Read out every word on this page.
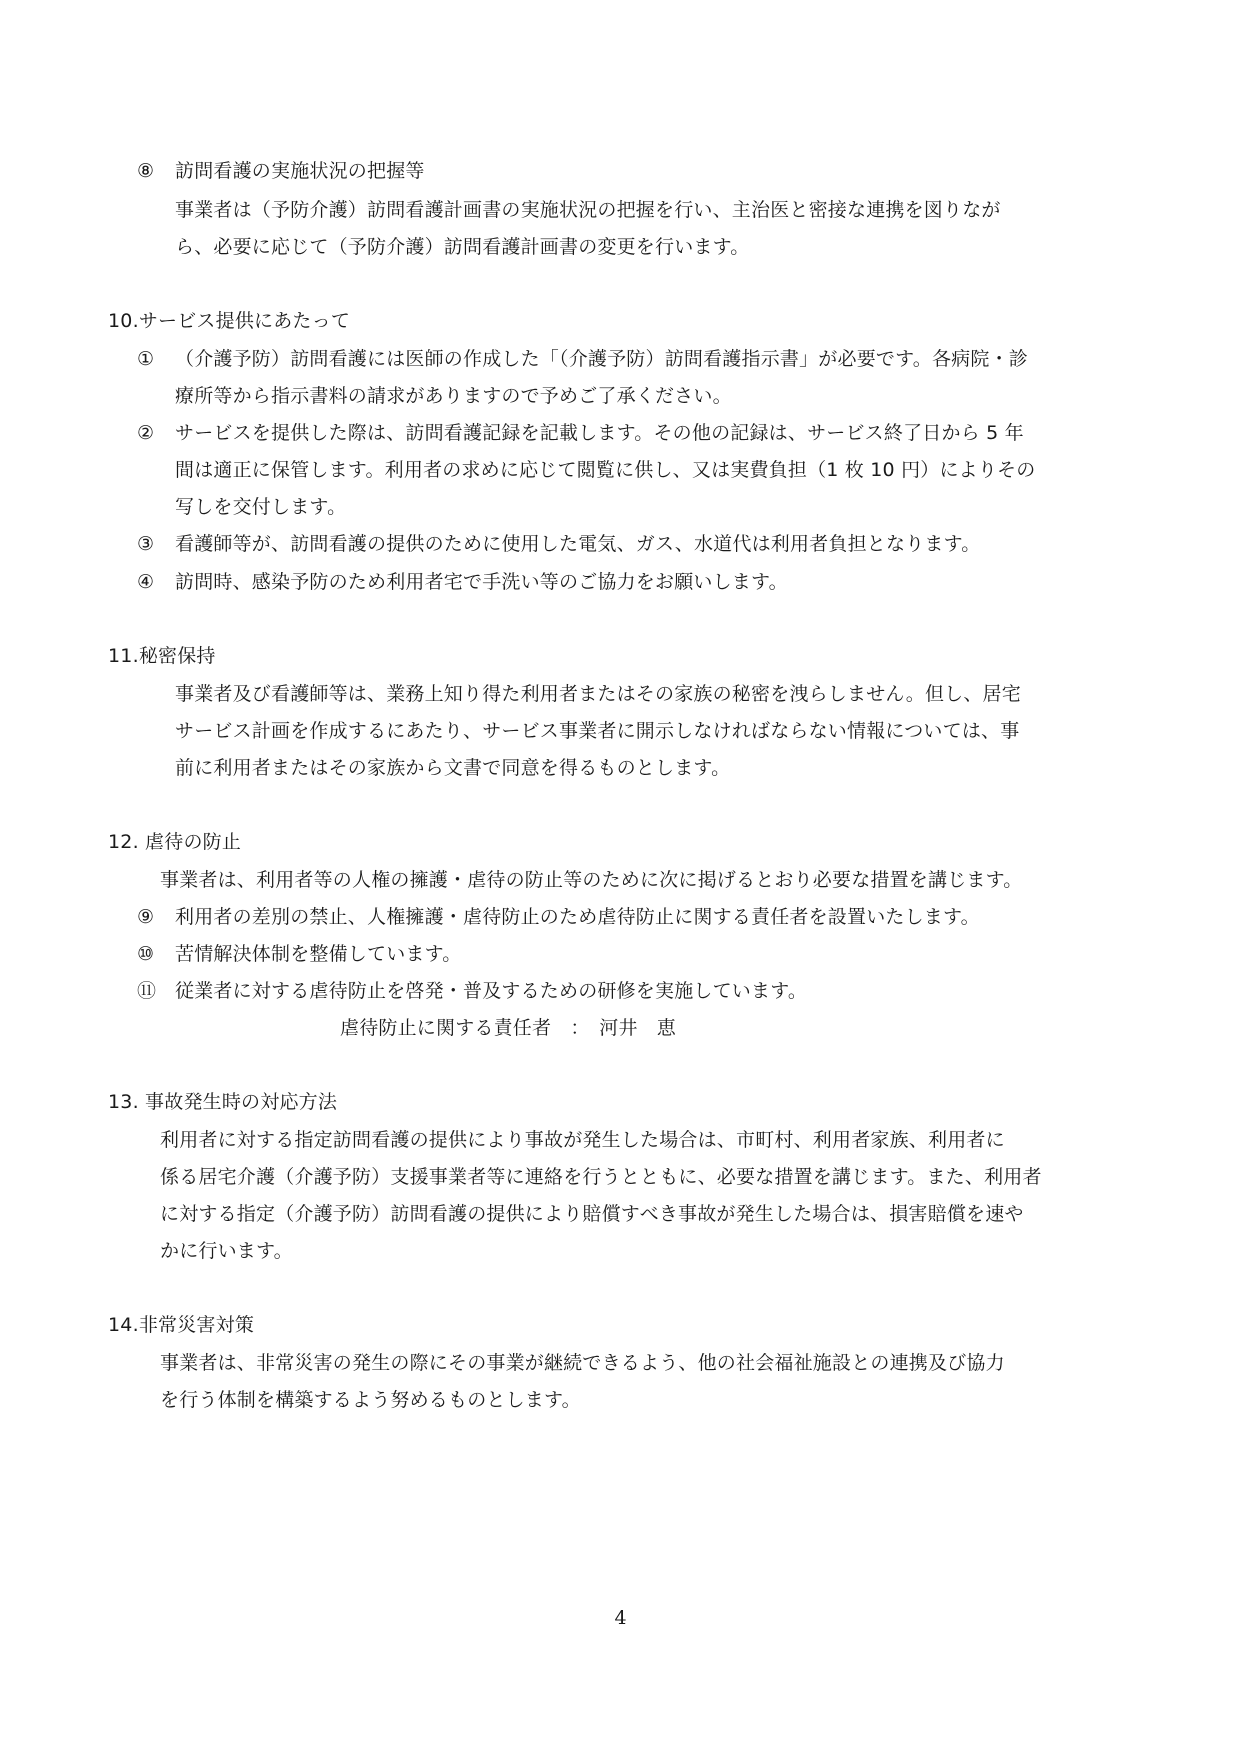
⑧ 訪問看護の実施状況の把握等
事業者は（予防介護）訪問看護計画書の実施状況の把握を行い、主治医と密接な連携を図りなが
ら、必要に応じて（予防介護）訪問看護計画書の変更を行います。
10.サービス提供にあたって
① （介護予防）訪問看護には医師の作成した「（介護予防）訪問看護指示書」が必要です。各病院・診
療所等から指示書料の請求がありますので予めご了承ください。
② サービスを提供した際は、訪問看護記録を記載します。その他の記録は、サービス終了日から 5 年
間は適正に保管します。利用者の求めに応じて閲覧に供し、又は実費負担（1 枚 10 円）によりその
写しを交付します。
③ 看護師等が、訪問看護の提供のために使用した電気、ガス、水道代は利用者負担となります。
④ 訪問時、感染予防のため利用者宅で手洗い等のご協力をお願いします。
11.秘密保持
事業者及び看護師等は、業務上知り得た利用者またはその家族の秘密を洩らしません。但し、居宅
サービス計画を作成するにあたり、サービス事業者に開示しなければならない情報については、事
前に利用者またはその家族から文書で同意を得るものとします。
12. 虐待の防止
事業者は、利用者等の人権の擁護・虐待の防止等のために次に掲げるとおり必要な措置を講じます。
⑨ 利用者の差別の禁止、人権擁護・虐待防止のため虐待防止に関する責任者を設置いたします。
⑩ 苦情解決体制を整備しています。
⑪ 従業者に対する虐待防止を啓発・普及するための研修を実施しています。
虐待防止に関する責任者　：　河井　恵
13. 事故発生時の対応方法
利用者に対する指定訪問看護の提供により事故が発生した場合は、市町村、利用者家族、利用者に
係る居宅介護（介護予防）支援事業者等に連絡を行うとともに、必要な措置を講じます。また、利用者
に対する指定（介護予防）訪問看護の提供により賠償すべき事故が発生した場合は、損害賠償を速や
かに行います。
14.非常災害対策
事業者は、非常災害の発生の際にその事業が継続できるよう、他の社会福祉施設との連携及び協力
を行う体制を構築するよう努めるものとします。
4
